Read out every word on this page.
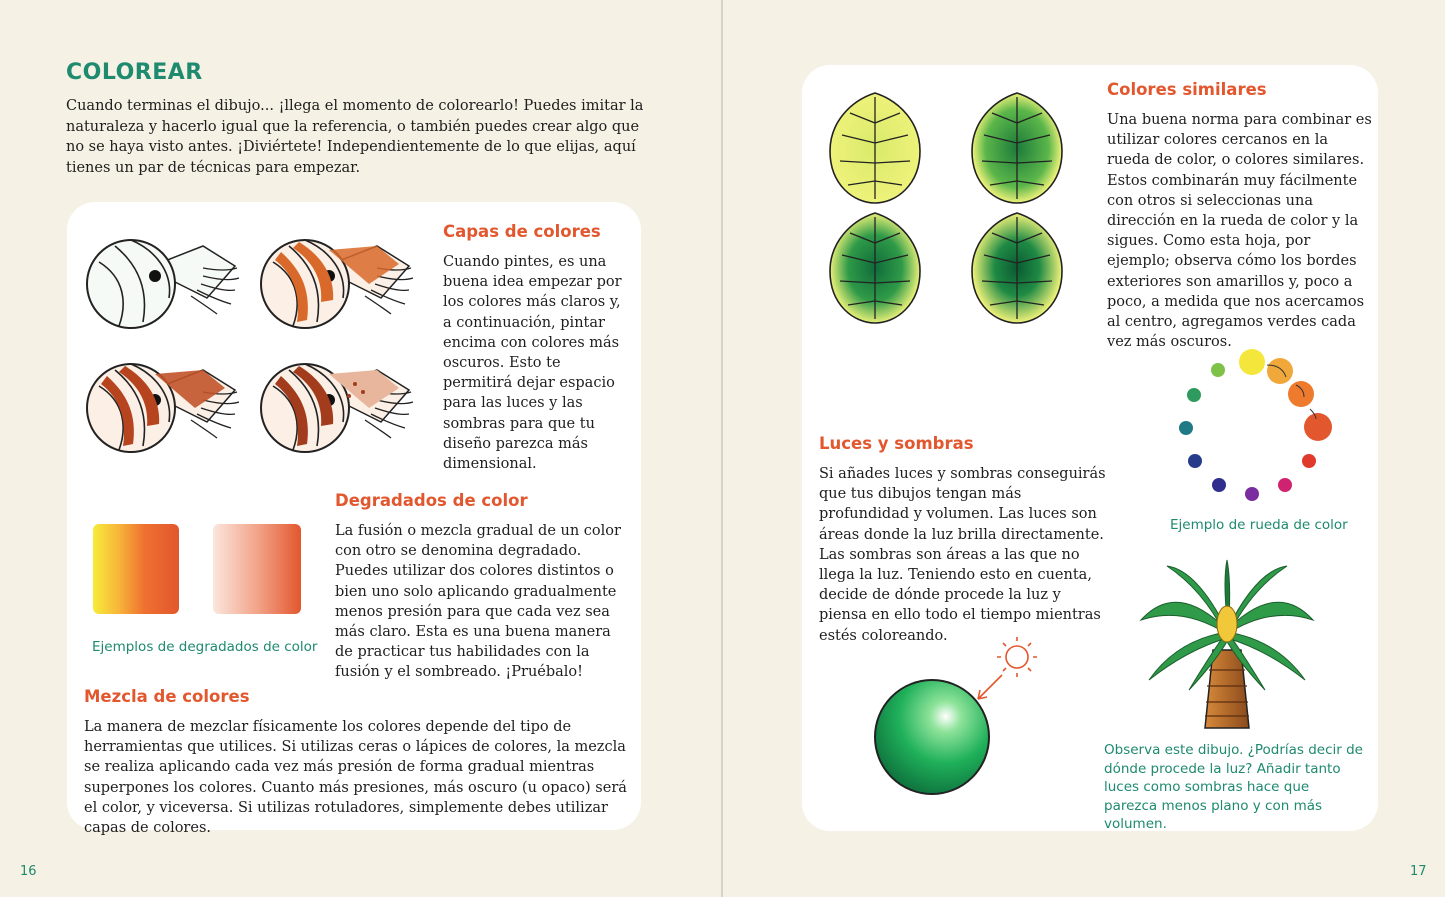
COLOREAR
Cuando terminas el dibujo... ¡llega el momento de colorearlo! Puedes imitar la naturaleza y hacerlo igual que la referencia, o también puedes crear algo que no se haya visto antes. ¡Diviértete! Independientemente de lo que elijas, aquí tienes un par de técnicas para empezar.
16
Capas de colores
Cuando pintes, es una buena idea empezar por los colores más claros y, a continuación, pintar encima con colores más oscuros. Esto te permitirá dejar espacio para las luces y las sombras para que tu diseño parezca más dimensional.
Ejemplos de degradados de color
Degradados de color
La fusión o mezcla gradual de un color con otro se denomina degradado. Puedes utilizar dos colores distintos o bien uno solo aplicando gradualmente menos presión para que cada vez sea más claro. Esta es una buena manera de practicar tus habilidades con la fusión y el sombreado. ¡Pruébalo!
Mezcla de colores
La manera de mezclar físicamente los colores depende del tipo de herramientas que utilices. Si utilizas ceras o lápices de colores, la mezcla se realiza aplicando cada vez más presión de forma gradual mientras superpones los colores. Cuanto más presiones, más oscuro (u opaco) será el color, y viceversa. Si utilizas rotuladores, simplemente debes utilizar capas de colores.
Colores similares
Una buena norma para combinar es utilizar colores cercanos en la rueda de color, o colores similares. Estos combinarán muy fácilmente con otros si seleccionas una dirección en la rueda de color y la sigues. Como esta hoja, por ejemplo; observa cómo los bordes exteriores son amarillos y, poco a poco, a medida que nos acercamos al centro, agregamos verdes cada vez más oscuros.
Ejemplo de rueda de color
Luces y sombras
Si añades luces y sombras conseguirás que tus dibujos tengan más profundidad y volumen. Las luces son áreas donde la luz brilla directamente. Las sombras son áreas a las que no llega la luz. Teniendo esto en cuenta, decide de dónde procede la luz y piensa en ello todo el tiempo mientras estés coloreando.
Observa este dibujo. ¿Podrías decir de dónde procede la luz? Añadir tanto luces como sombras hace que parezca menos plano y con más volumen.
17
